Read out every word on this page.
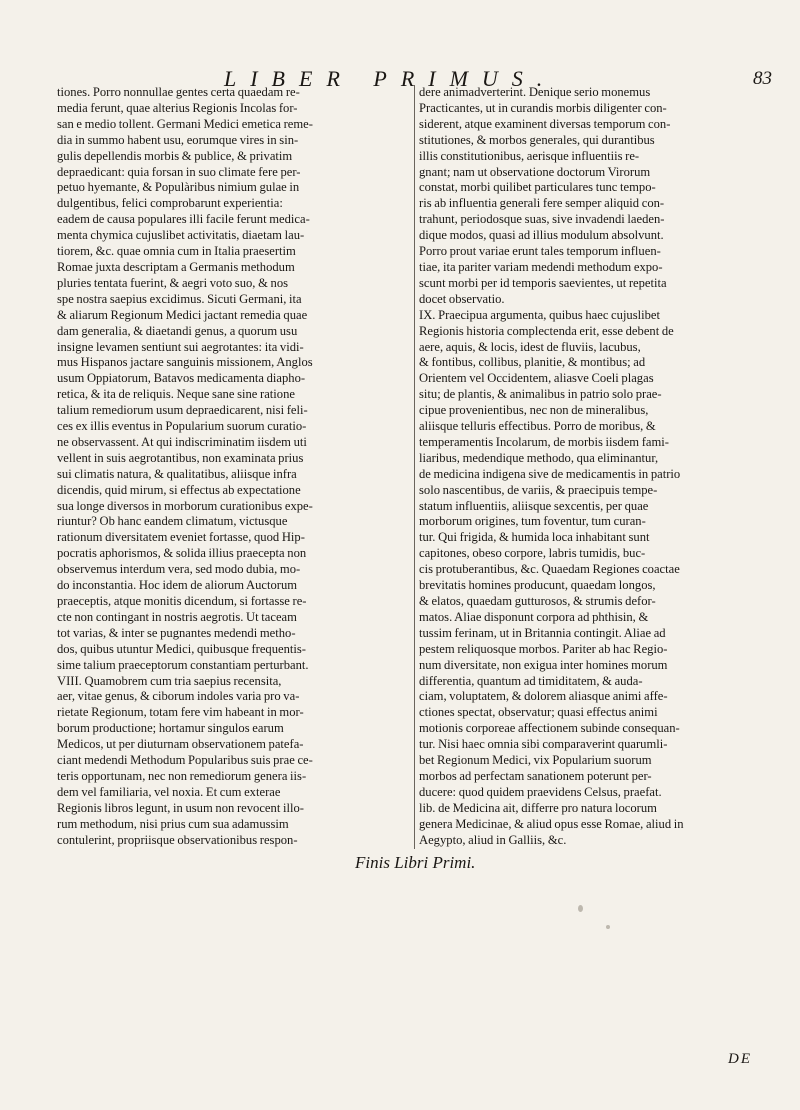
LIBER PRIMUS.	83
tiones. Porro nonnullae gentes certa quaedam re-
media ferunt, quae alterius Regionis Incolas for-
san e medio tollent. Germani Medici emetica reme-
dia in summo habent usu, eorumque vires in sin-
gulis depellendis morbis & publice, & privatim
depraedicant: quia forsan in suo climate fere per-
petuo hyemante, & Populàribus nimium gulae in
dulgentibus, felici comprobarunt experientia:
eadem de causa populares illi facile ferunt medica-
menta chymica cujuslibet activitatis, diaetam lau-
tiorem, &c. quae omnia cum in Italia praesertim
Romae juxta descriptam a Germanis methodum
pluries tentata fuerint, & aegri voto suo, & nos
spe nostra saepius excidimus. Sicuti Germani, ita
& aliarum Regionum Medici jactant remedia quae
dam generalia, & diaetandi genus, a quorum usu
insigne levamen sentiunt sui aegrotantes: ita vidi-
mus Hispanos jactare sanguinis missionem, Anglos
usum Oppiatorum, Batavos medicamenta diapho-
retica, & ita de reliquis. Neque sane sine ratione
talium remediorum usum depraedicarent, nisi feli-
ces ex illis eventus in Popularium suorum curatio-
ne observassent. At qui indiscriminatim iisdem uti
vellent in suis aegrotantibus, non examinata prius
sui climatis natura, & qualitatibus, aliisque infra
dicendis, quid mirum, si effectus ab expectatione
sua longe diversos in morborum curationibus expe-
riuntur? Ob hanc eandem climatum, victusque
rationum diversitatem eveniet fortasse, quod Hip-
pocratis aphorismos, & solida illius praecepta non
observemus interdum vera, sed modo dubia, mo-
do inconstantia. Hoc idem de aliorum Auctorum
praeceptis, atque monitis dicendum, si fortasse re-
cte non contingant in nostris aegrotis. Ut taceam
tot varias, & inter se pugnantes medendi metho-
dos, quibus utuntur Medici, quibusque frequentis-
sime talium praeceptorum constantiam perturbant.
VIII. Quamobrem cum tria saepius recensita,
aer, vitae genus, & ciborum indoles varia pro va-
rietate Regionum, totam fere vim habeant in mor-
borum productione; hortamur singulos earum
Medicos, ut per diuturnam observationem patefa-
ciant medendi Methodum Popularibus suis prae ce-
teris opportunam, nec non remediorum genera iis-
dem vel familiaria, vel noxia. Et cum exterae
Regionis libros legunt, in usum non revocent illo-
rum methodum, nisi prius cum sua adamussim
contulerint, propriisque observationibus respon-
dere animadverterint. Denique serio monemus
Practicantes, ut in curandis morbis diligenter con-
siderent, atque examinent diversas temporum con-
stitutiones, & morbos generales, qui durantibus
illis constitutionibus, aerisque influentiis re-
gnant; nam ut observatione doctorum Virorum
constat, morbi quilibet particulares tunc tempo-
ris ab influentia generali fere semper aliquid con-
trahunt, periodosque suas, sive invadendi laeden-
dique modos, quasi ad illius modulum absolvunt.
Porro prout variae erunt tales temporum influen-
tiae, ita pariter variam medendi methodum expo-
scunt morbi per id temporis saevientes, ut repetita
docet observatio.
IX. Praecipua argumenta, quibus haec cujuslibet
Regionis historia complectenda erit, esse debent de
aere, aquis, & locis, idest de fluviis, lacubus,
& fontibus, collibus, planitie, & montibus; ad
Orientem vel Occidentem, aliasve Coeli plagas
situ; de plantis, & animalibus in patrio solo prae-
cipue provenientibus, nec non de mineralibus,
aliisque telluris effectibus. Porro de moribus, &
temperamentis Incolarum, de morbis iisdem fami-
liaribus, medendique methodo, qua eliminantur,
de medicina indigena sive de medicamentis in patrio
solo nascentibus, de variis, & praecipuis tempe-
statum influentiis, aliisque sexcentis, per quae
morborum origines, tum foventur, tum curan-
tur. Qui frigida, & humida loca inhabitant sunt
capitones, obeso corpore, labris tumidis, buc-
cis protuberantibus, &c. Quaedam Regiones coactae
brevitatis homines producunt, quaedam longos,
& elatos, quaedam gutturosos, & strumis defor-
matos. Aliae disponunt corpora ad phthisin, &
tussim ferinam, ut in Britannia contingit. Aliae ad
pestem reliquosque morbos. Pariter ab hac Regio-
num diversitate, non exigua inter homines morum
differentia, quantum ad timiditatem, & auda-
ciam, voluptatem, & dolorem aliasque animi affe-
ctiones spectat, observatur; quasi effectus animi
motionis corporeae affectionem subinde consequan-
tur. Nisi haec omnia sibi comparaverint quarumli-
bet Regionum Medici, vix Popularium suorum
morbos ad perfectam sanationem poterunt per-
ducere: quod quidem praevidens Celsus, praefat.
lib. de Medicina ait, differre pro natura locorum
genera Medicinae, & aliud opus esse Romae, aliud in
Aegypto, aliud in Galliis, &c.
Finis Libri Primi.
DE
